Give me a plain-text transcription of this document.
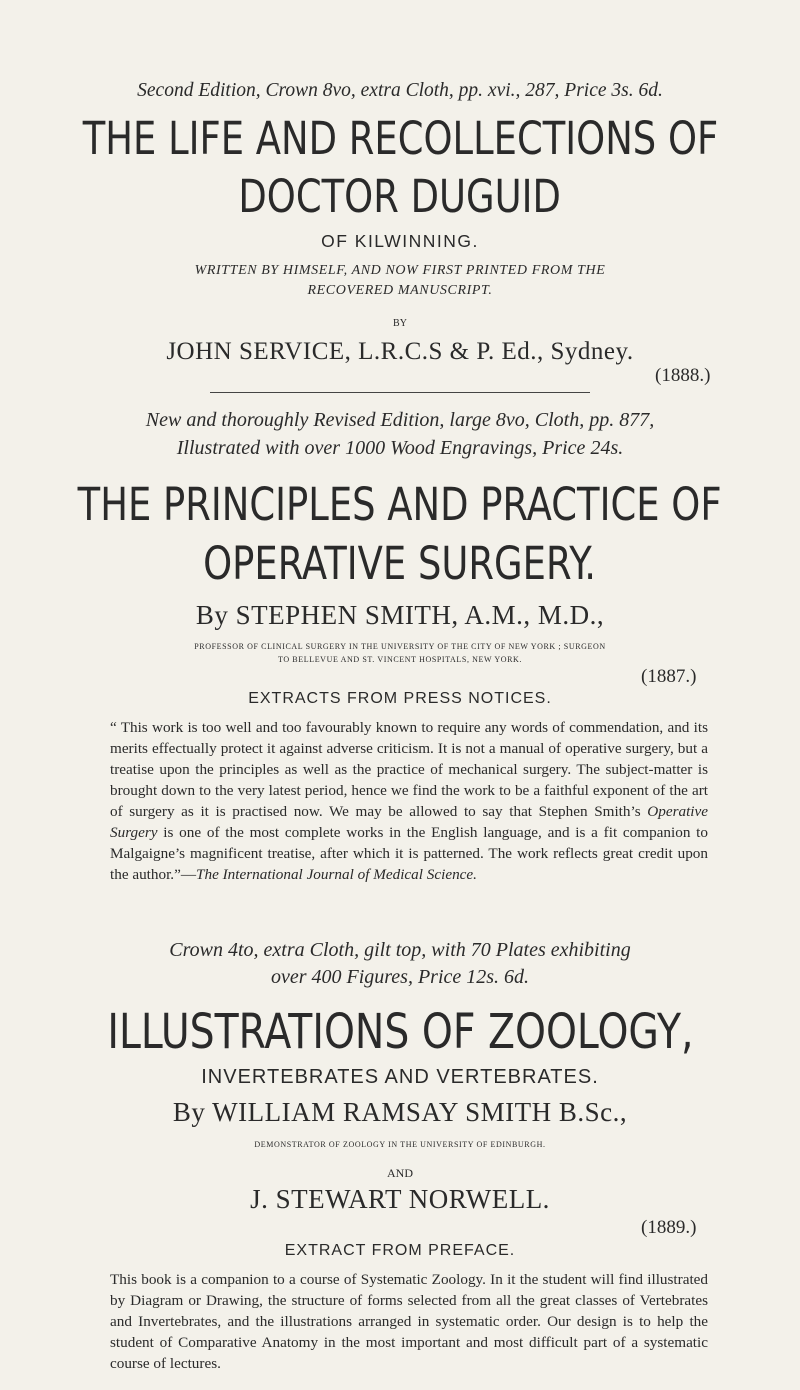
Second Edition, Crown 8vo, extra Cloth, pp. xvi., 287, Price 3s. 6d.
THE LIFE AND RECOLLECTIONS OF
DOCTOR DUGUID
OF KILWINNING.
WRITTEN BY HIMSELF, AND NOW FIRST PRINTED FROM THE
RECOVERED MANUSCRIPT.
BY
JOHN SERVICE, L.R.C.S & P. Ed., Sydney.
(1888.)
New and thoroughly Revised Edition, large 8vo, Cloth, pp. 877,
Illustrated with over 1000 Wood Engravings, Price 24s.
THE PRINCIPLES AND PRACTICE OF
OPERATIVE SURGERY.
By STEPHEN SMITH, A.M., M.D.,
PROFESSOR OF CLINICAL SURGERY IN THE UNIVERSITY OF THE CITY OF NEW YORK ; SURGEON
TO BELLEVUE AND ST. VINCENT HOSPITALS, NEW YORK.
(1887.)
EXTRACTS FROM PRESS NOTICES.

“ This work is too well and too favourably known to require any words of commendation, and its merits effectually protect it against adverse criticism. It is not a manual of operative surgery, but a treatise upon the principles as well as the practice of mechanical surgery. The subject-matter is brought down to the very latest period, hence we find the work to be a faithful exponent of the art of surgery as it is practised now. We may be allowed to say that Stephen Smith’s Operative Surgery is one of the most complete works in the English language, and is a fit companion to Malgaigne’s magnificent treatise, after which it is patterned. The work reflects great credit upon the author.”—The International Journal of Medical Science.

Crown 4to, extra Cloth, gilt top, with 70 Plates exhibiting
over 400 Figures, Price 12s. 6d.
ILLUSTRATIONS OF ZOOLOGY,
INVERTEBRATES AND VERTEBRATES.
By WILLIAM RAMSAY SMITH B.Sc.,
DEMONSTRATOR OF ZOOLOGY IN THE UNIVERSITY OF EDINBURGH.
AND
J. STEWART NORWELL.
(1889.)
EXTRACT FROM PREFACE.

This book is a companion to a course of Systematic Zoology. In it the student will find illustrated by Diagram or Drawing, the structure of forms selected from all the great classes of Vertebrates and Invertebrates, and the illustrations arranged in systematic order. Our design is to help the student of Comparative Anatomy in the most important and most difficult part of a systematic course of lectures.
